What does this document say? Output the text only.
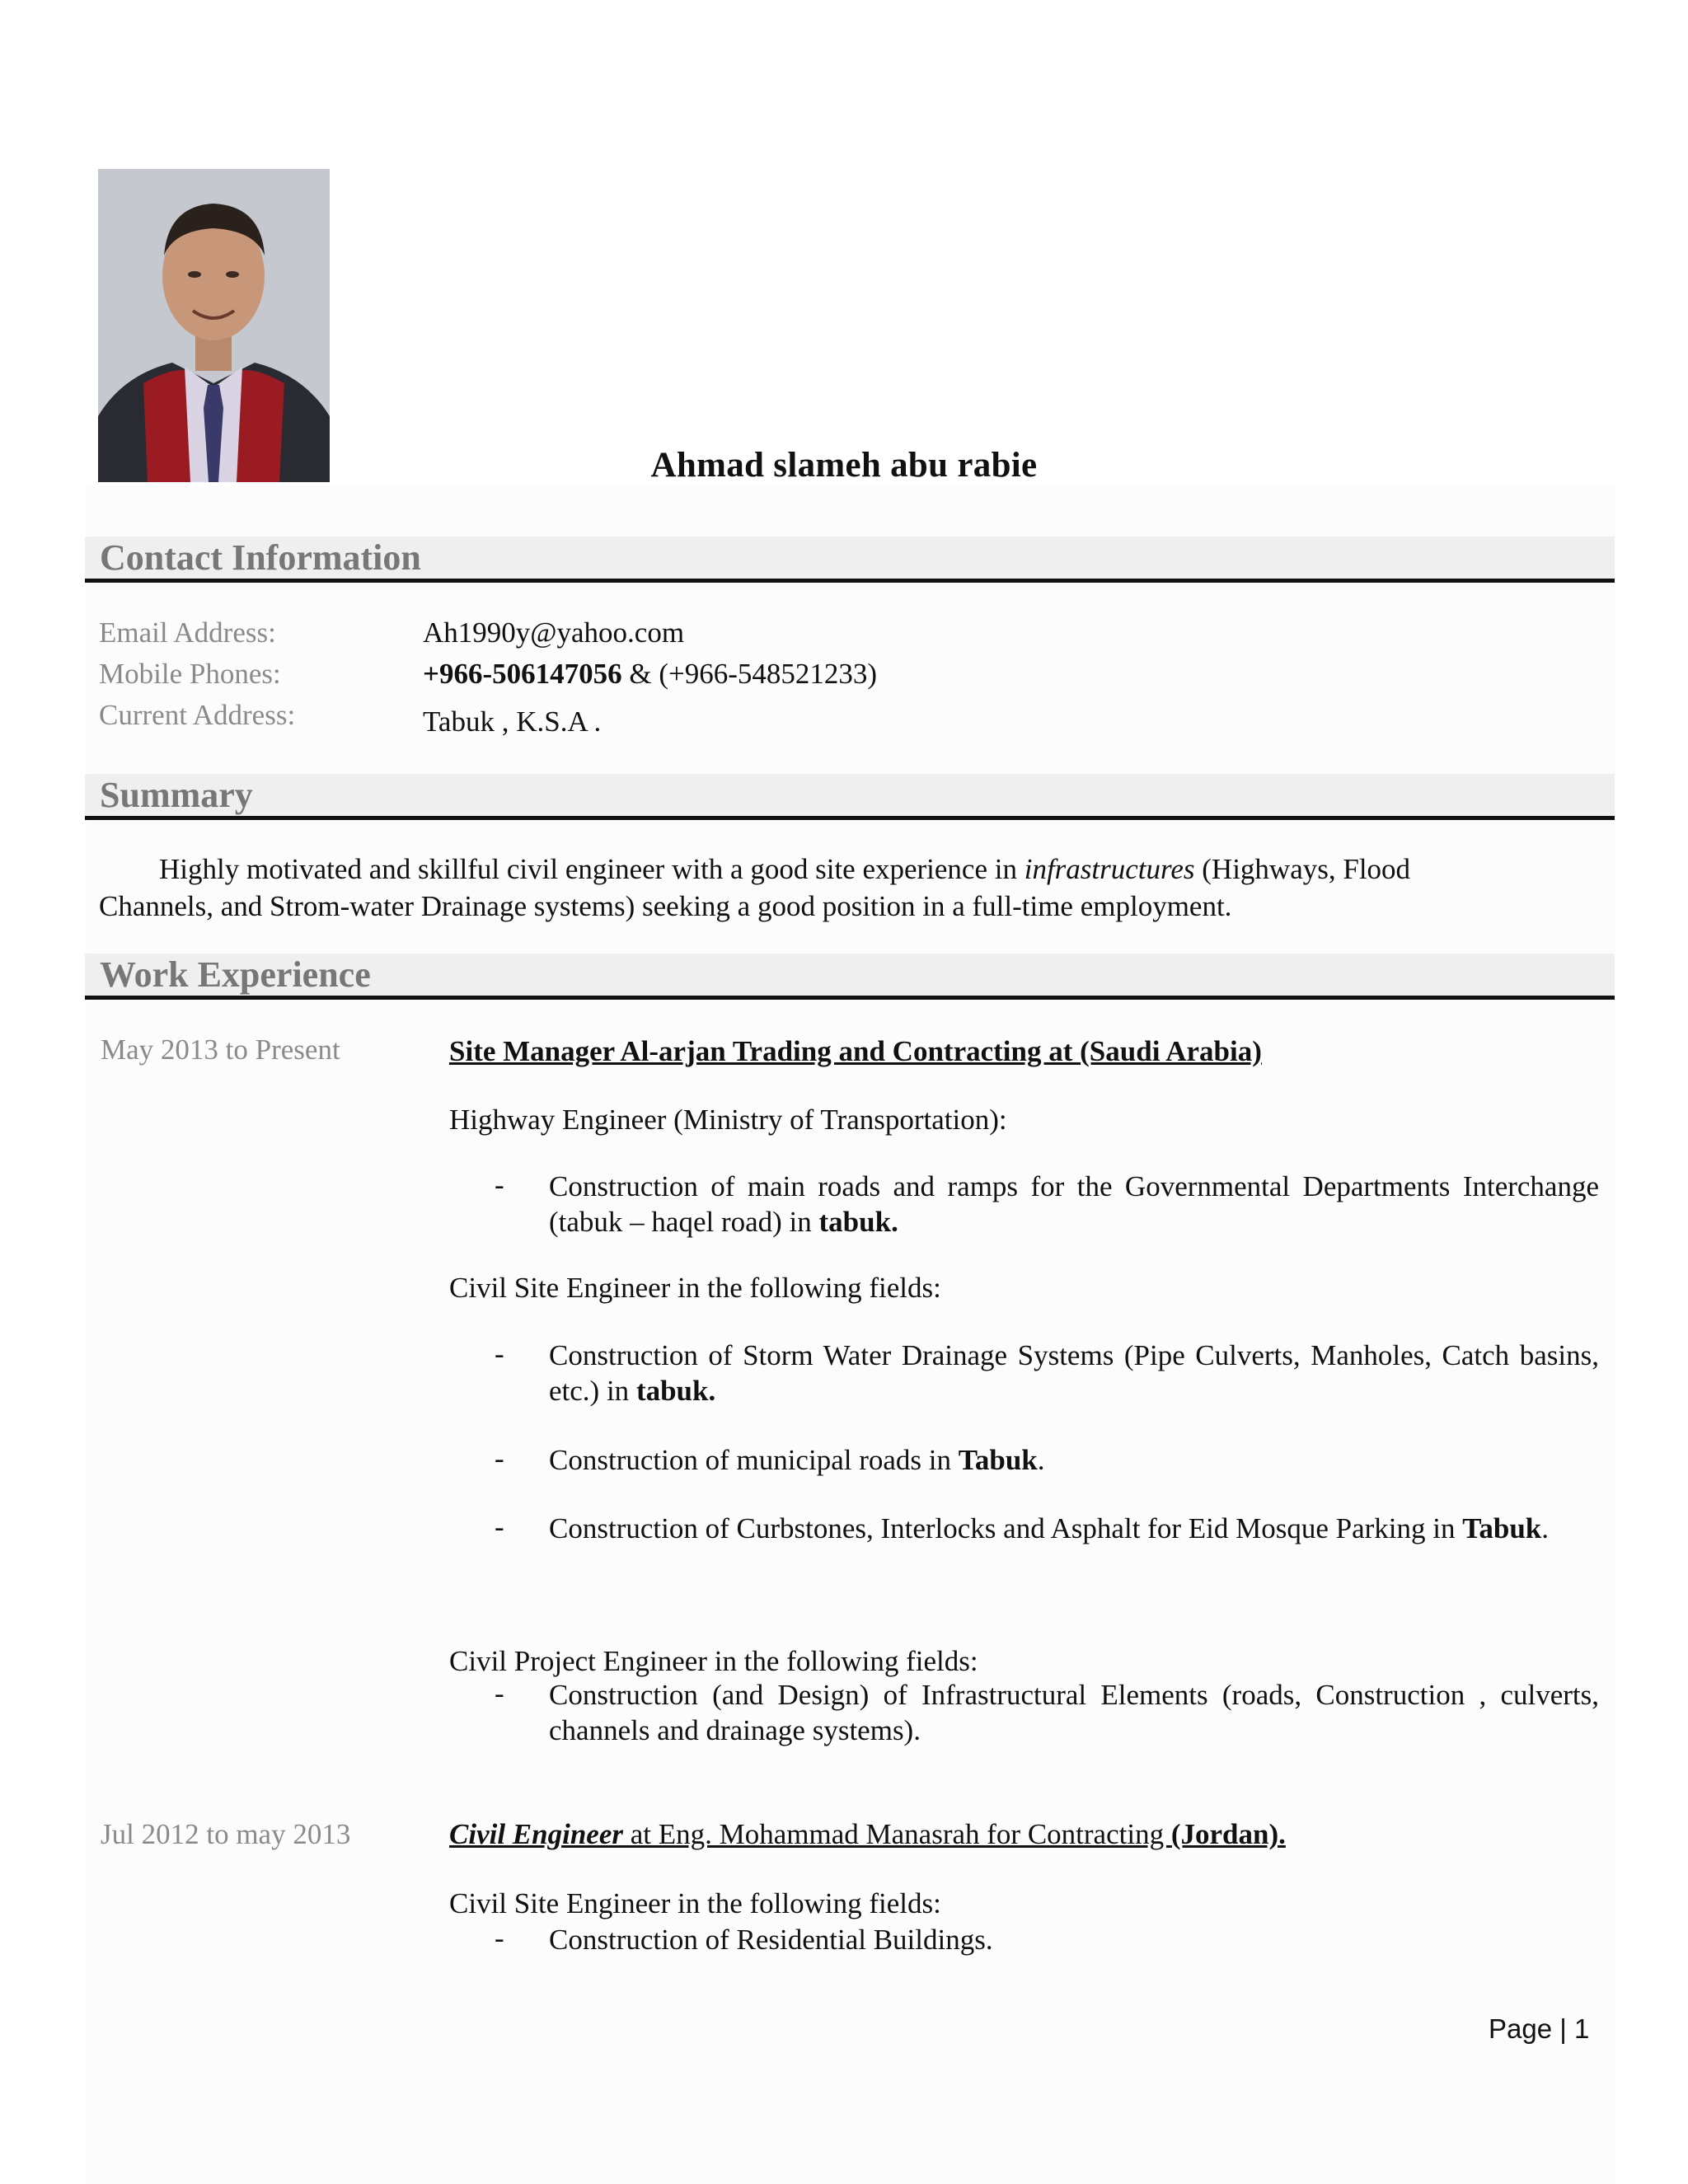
Ahmad slameh abu rabie
Contact Information
Email Address:	Ah1990y@yahoo.com
Mobile Phones:	+966-506147056 & (+966-548521233)
Current Address:	Tabuk , K.S.A .
Summary
Highly motivated and skillful civil engineer with a good site experience in infrastructures (Highways, Flood
Channels, and Strom-water Drainage systems) seeking a good position in a full-time employment.
Work Experience
May 2013 to Present	Site Manager Al-arjan Trading and Contracting at (Saudi Arabia)
Highway Engineer (Ministry of Transportation):
- Construction of main roads and ramps for the Governmental Departments Interchange (tabuk – haqel road) in tabuk.
Civil Site Engineer in the following fields:
- Construction of Storm Water Drainage Systems (Pipe Culverts, Manholes, Catch basins, etc.) in tabuk.
- Construction of municipal roads in Tabuk.
- Construction of Curbstones, Interlocks and Asphalt for Eid Mosque Parking in Tabuk.
Civil Project Engineer in the following fields:
- Construction (and Design) of Infrastructural Elements (roads, Construction , culverts, channels and drainage systems).
Jul 2012 to may 2013	Civil Engineer at Eng. Mohammad Manasrah for Contracting (Jordan).
Civil Site Engineer in the following fields:
- Construction of Residential Buildings.
Page | 1
